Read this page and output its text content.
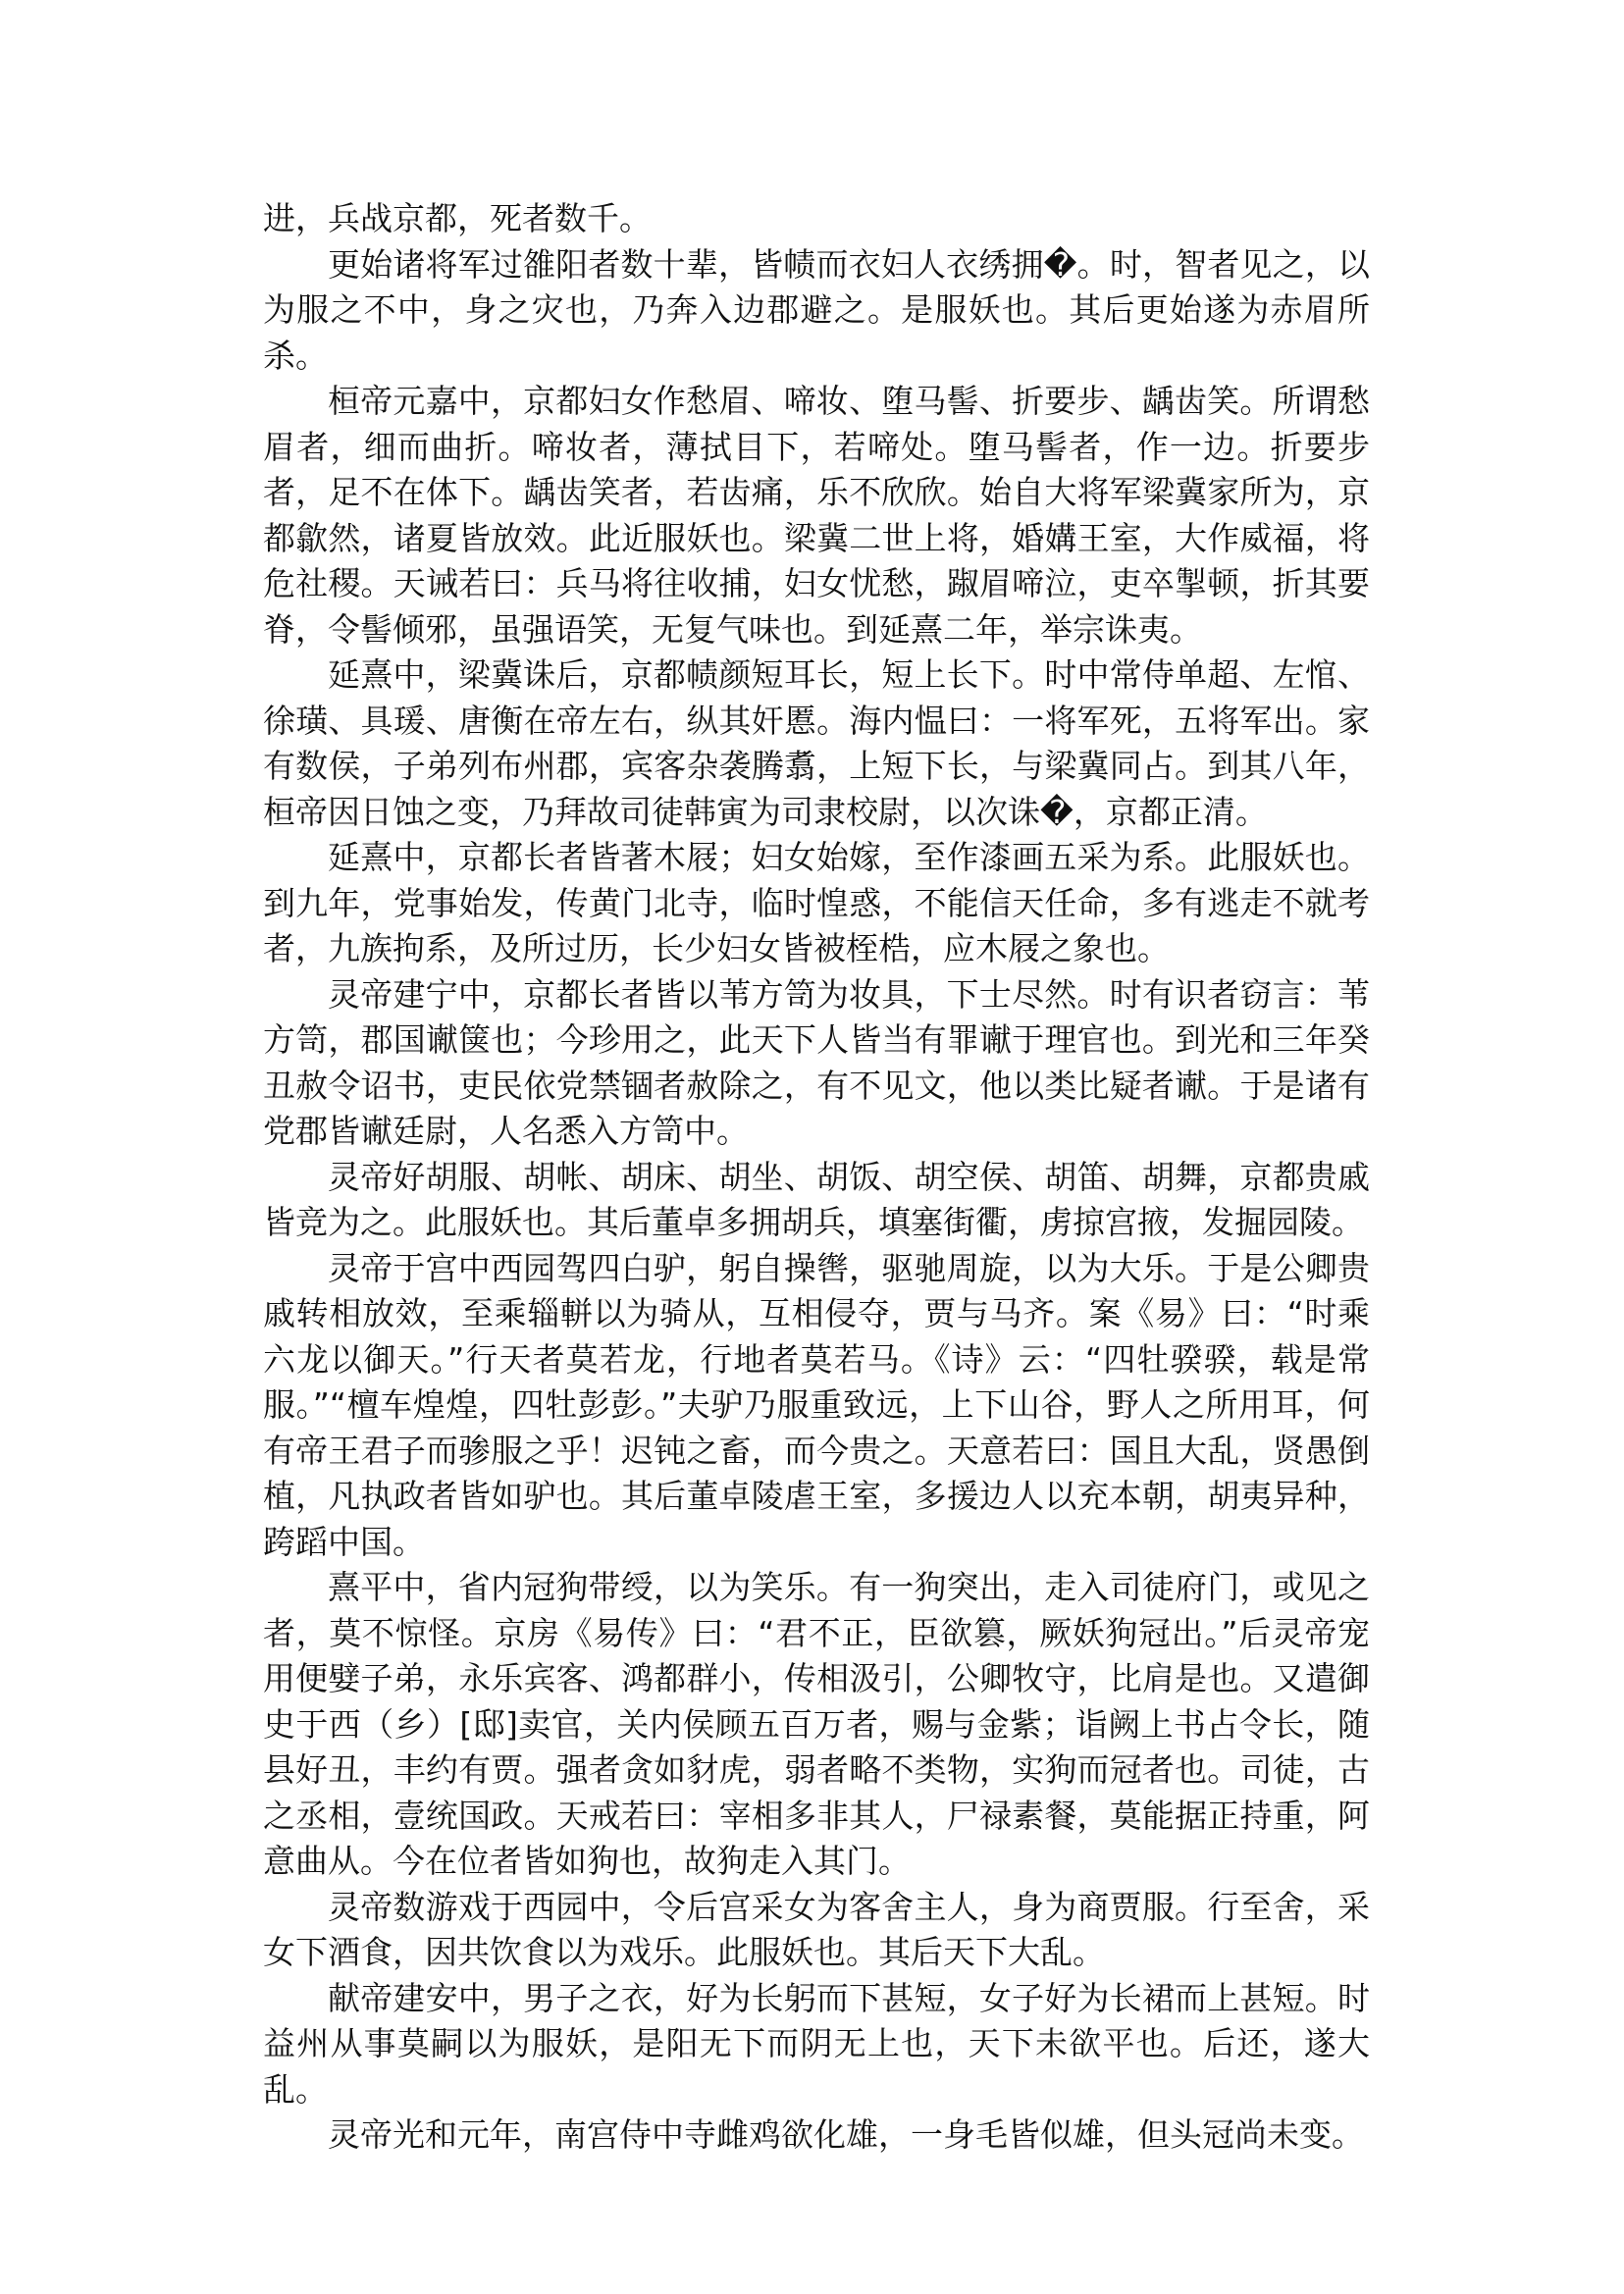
进，兵战京都，死者数千。

更始诸将军过雒阳者数十辈，皆帻而衣妇人衣绣拥�。时，智者见之，以为服之不中，身之灾也，乃奔入边郡避之。是服妖也。其后更始遂为赤眉所杀。

桓帝元嘉中，京都妇女作愁眉、啼妆、堕马髻、折要步、龋齿笑。所谓愁眉者，细而曲折。啼妆者，薄拭目下，若啼处。堕马髻者，作一边。折要步者，足不在体下。龋齿笑者，若齿痛，乐不欣欣。始自大将军梁冀家所为，京都歙然，诸夏皆放效。此近服妖也。梁冀二世上将，婚媾王室，大作威福，将危社稷。天诫若曰：兵马将往收捕，妇女忧愁，踧眉啼泣，吏卒掣顿，折其要脊，令髻倾邪，虽强语笑，无复气味也。到延熹二年，举宗诛夷。

延熹中，梁冀诛后，京都帻颜短耳长，短上长下。时中常侍单超、左悺、徐璜、具瑗、唐衡在帝左右，纵其奸慝。海内愠曰：一将军死，五将军出。家有数侯，子弟列布州郡，宾客杂袭腾翥，上短下长，与梁冀同占。到其八年，桓帝因日蚀之变，乃拜故司徒韩寅为司隶校尉，以次诛�，京都正清。

延熹中，京都长者皆著木屐；妇女始嫁，至作漆画五采为系。此服妖也。到九年，党事始发，传黄门北寺，临时惶惑，不能信天任命，多有逃走不就考者，九族拘系，及所过历，长少妇女皆被桎梏，应木屐之象也。

灵帝建宁中，京都长者皆以苇方笥为妆具，下士尽然。时有识者窃言：苇方笥，郡国谳箧也；今珍用之，此天下人皆当有罪谳于理官也。到光和三年癸丑赦令诏书，吏民依党禁锢者赦除之，有不见文，他以类比疑者谳。于是诸有党郡皆谳廷尉，人名悉入方笥中。

灵帝好胡服、胡帐、胡床、胡坐、胡饭、胡空侯、胡笛、胡舞，京都贵戚皆竞为之。此服妖也。其后董卓多拥胡兵，填塞街衢，虏掠宫掖，发掘园陵。

灵帝于宫中西园驾四白驴，躬自操辔，驱驰周旋，以为大乐。于是公卿贵戚转相放效，至乘辎軿以为骑从，互相侵夺，贾与马齐。案《易》曰：“时乘六龙以御天。”行天者莫若龙，行地者莫若马。《诗》云：“四牡骙骙，载是常服。”“檀车煌煌，四牡彭彭。”夫驴乃服重致远，上下山谷，野人之所用耳，何有帝王君子而骖服之乎！迟钝之畜，而今贵之。天意若曰：国且大乱，贤愚倒植，凡执政者皆如驴也。其后董卓陵虐王室，多援边人以充本朝，胡夷异种，跨蹈中国。

熹平中，省内冠狗带绶，以为笑乐。有一狗突出，走入司徒府门，或见之者，莫不惊怪。京房《易传》曰：“君不正，臣欲篡，厥妖狗冠出。”后灵帝宠用便嬖子弟，永乐宾客、鸿都群小，传相汲引，公卿牧守，比肩是也。又遣御史于西（乡）[邸]卖官，关内侯顾五百万者，赐与金紫；诣阙上书占令长，随县好丑，丰约有贾。强者贪如豺虎，弱者略不类物，实狗而冠者也。司徒，古之丞相，壹统国政。天戒若曰：宰相多非其人，尸禄素餐，莫能据正持重，阿意曲从。今在位者皆如狗也，故狗走入其门。

灵帝数游戏于西园中，令后宫采女为客舍主人，身为商贾服。行至舍，采女下酒食，因共饮食以为戏乐。此服妖也。其后天下大乱。

献帝建安中，男子之衣，好为长躬而下甚短，女子好为长裙而上甚短。时益州从事莫嗣以为服妖，是阳无下而阴无上也，天下未欲平也。后还，遂大乱。

灵帝光和元年，南宫侍中寺雌鸡欲化雄，一身毛皆似雄，但头冠尚未变。
